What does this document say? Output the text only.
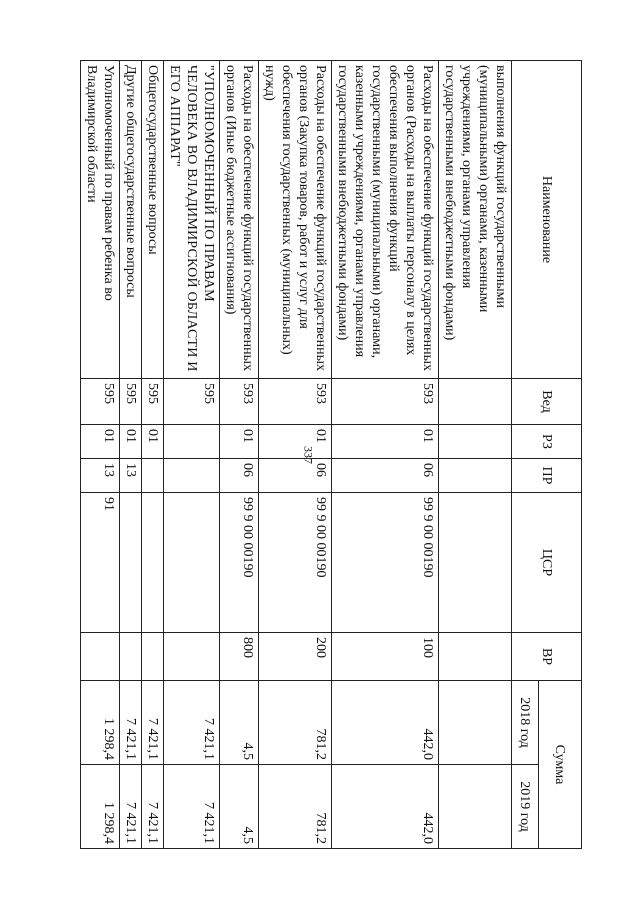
337
Наименование	Вед	РЗ	ПР	ЦСР	ВР	Сумма	
						2018 год	2019 год
выполнения функций государственными (муниципальными) органами, казенными учреждениями, органами управления государственными внебюджетными фондами)							
Расходы на обеспечение функций государственных органов (Расходы на выплаты персоналу в целях обеспечения выполнения функций государственными (муниципальными) органами, казенными учреждениями, органами управления государственными внебюджетными фондами)	593	01	06	99 9 00 00190	100	442,0	442,0
Расходы на обеспечение функций государственных органов (Закупка товаров, работ и услуг для обеспечения государственных (муниципальных) нужд)	593	01	06	99 9 00 00190	200	781,2	781,2
Расходы на обеспечение функций государственных органов (Иные бюджетные ассигнования)	593	01	06	99 9 00 00190	800	4,5	4,5
"УПОЛНОМОЧЕННЫЙ ПО ПРАВАМ ЧЕЛОВЕКА ВО ВЛАДИМИРСКОЙ ОБЛАСТИ И ЕГО АППАРАТ"	595					7 421,1	7 421,1
Общегосударственные вопросы	595	01				7 421,1	7 421,1
Другие общегосударственные вопросы	595	01	13			7 421,1	7 421,1
Уполномоченный по правам ребенка во Владимирской области	595	01	13	91		1 298,4	1 298,4
